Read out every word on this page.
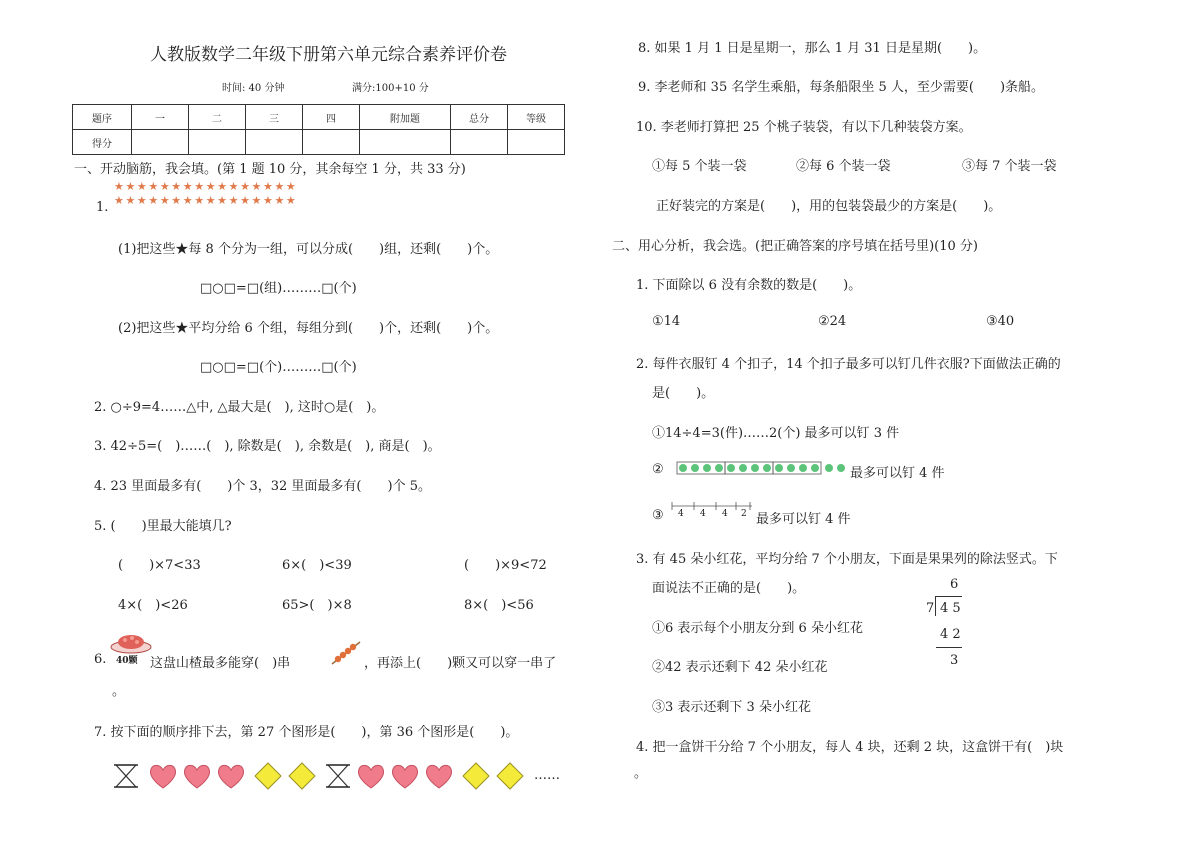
人教版数学二年级下册第六单元综合素养评价卷
时间: 40 分钟	满分:100+10 分
题序	一	二	三	四	附加题	总分	等级
得分							
一、开动脑筋，我会填。(第 1 题 10 分，其余每空 1 分，共 33 分)
★★★★★★★★★★★★★★★★
★★★★★★★★★★★★★★★★
1.
(1)把这些★每 8 个分为一组，可以分成(　　)组，还剩(　　)个。
□○□=□(组)………□(个)
(2)把这些★平均分给 6 个组，每组分到(　　)个，还剩(　　)个。
□○□=□(个)………□(个)
2. ○÷9=4……△中, △最大是(　), 这时○是(　)。
3. 42÷5=(　)……(　), 除数是(　), 余数是(　), 商是(　)。
4. 23 里面最多有(　　)个 3，32 里面最多有(　　)个 5。
5. (　　)里最大能填几?
(　　)×7<33	6×(　)<39	(　　)×9<72
4×(　)<26	65>(　)×8	8×(　)<56
6. 40颗 这盘山楂最多能穿(　)串	，再添上(　　)颗又可以穿一串了
。
7. 按下面的顺序排下去，第 27 个图形是(　　)，第 36 个图形是(　　)。
……
8. 如果 1 月 1 日是星期一，那么 1 月 31 日是星期(　　)。
9. 李老师和 35 名学生乘船，每条船限坐 5 人，至少需要(　　)条船。
10. 李老师打算把 25 个桃子装袋，有以下几种装袋方案。
①每 5 个装一袋	②每 6 个装一袋	③每 7 个装一袋
正好装完的方案是(　　)，用的包装袋最少的方案是(　　)。
二、用心分析，我会选。(把正确答案的序号填在括号里)(10 分)
1. 下面除以 6 没有余数的数是(　　)。
①14	②24	③40
2. 每件衣服钉 4 个扣子，14 个扣子最多可以钉几件衣服?下面做法正确的
是(　　)。
①14÷4=3(件)……2(个) 最多可以钉 3 件
②	最多可以钉 4 件
③ 4 4 4 2 最多可以钉 4 件
3. 有 45 朵小红花，平均分给 7 个小朋友，下面是果果列的除法竖式。下
面说法不正确的是(　　)。	6
7 4 5
4 2
3
①6 表示每个小朋友分到 6 朵小红花
②42 表示还剩下 42 朵小红花
③3 表示还剩下 3 朵小红花
4. 把一盒饼干分给 7 个小朋友，每人 4 块，还剩 2 块，这盒饼干有(　)块
。
